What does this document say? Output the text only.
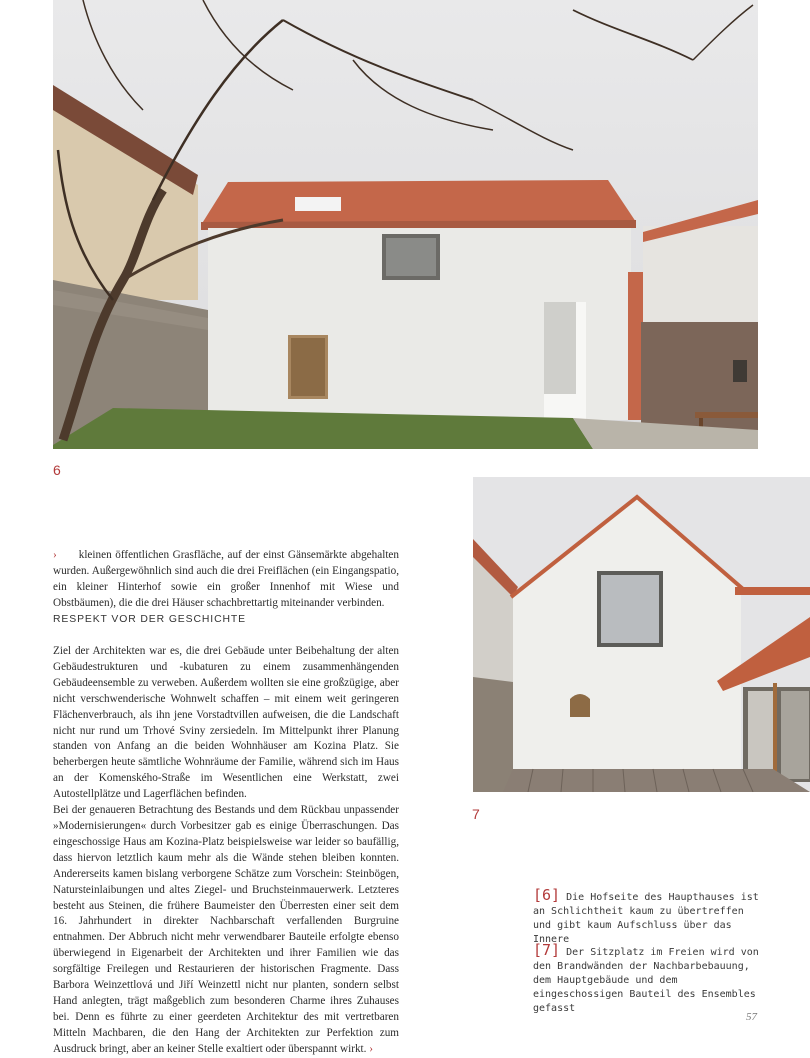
6
7
› kleinen öffentlichen Grasfläche, auf der einst Gänsemärkte abgehalten wurden. Außergewöhnlich sind auch die drei Freiflächen (ein Eingangspatio, ein kleiner Hinterhof sowie ein großer Innenhof mit Wiese und Obstbäumen), die die drei Häuser schachbrettartig miteinander verbinden.
RESPEKT VOR DER GESCHICHTE

Ziel der Architekten war es, die drei Gebäude unter Beibehaltung der alten Gebäudestrukturen und -kubaturen zu einem zusammenhängenden Gebäudeensemble zu verweben. Außerdem wollten sie eine großzügige, aber nicht verschwenderische Wohnwelt schaffen – mit einem weit geringeren Flächenverbrauch, als ihn jene Vorstadtvillen aufweisen, die die Landschaft nicht nur rund um Trhové Sviny zersiedeln. Im Mittelpunkt ihrer Planung standen von Anfang an die beiden Wohnhäuser am Kozina Platz. Sie beherbergen heute sämtliche Wohnräume der Familie, während sich im Haus an der Komenského-Straße im Wesentlichen eine Werkstatt, zwei Autostellplätze und Lagerflächen befinden.

Bei der genaueren Betrachtung des Bestands und dem Rückbau unpassender »Modernisierungen« durch Vorbesitzer gab es einige Überraschungen. Das eingeschossige Haus am Kozina-Platz beispielsweise war leider so baufällig, dass hiervon letztlich kaum mehr als die Wände stehen bleiben konnten. Andererseits kamen bislang verborgene Schätze zum Vorschein: Steinbögen, Natursteinlaibungen und altes Ziegel- und Bruchsteinmauerwerk. Letzteres besteht aus Steinen, die frühere Baumeister den Überresten einer seit dem 16. Jahrhundert in direkter Nachbarschaft verfallenden Burgruine entnahmen. Der Abbruch nicht mehr verwendbarer Bauteile erfolgte ebenso überwiegend in Eigenarbeit der Architekten und ihrer Familien wie das sorgfältige Freilegen und Restaurieren der historischen Fragmente. Dass Barbora Weinzettlová und Jiří Weinzettl nicht nur planten, sondern selbst Hand anlegten, trägt maßgeblich zum besonderen Charme ihres Zuhauses bei. Denn es führte zu einer geerdeten Architektur des mit vertretbaren Mitteln Machbaren, die den Hang der Architekten zur Perfektion zum Ausdruck bringt, aber an keiner Stelle exaltiert oder überspannt wirkt. ›

[6] Die Hofseite des Haupthauses ist an Schlichtheit kaum zu übertreffen und gibt kaum Aufschluss über das Innere
[7] Der Sitzplatz im Freien wird von den Brandwänden der Nachbarbebauung, dem Hauptgebäude und dem eingeschossigen Bauteil des Ensembles gefasst
57
